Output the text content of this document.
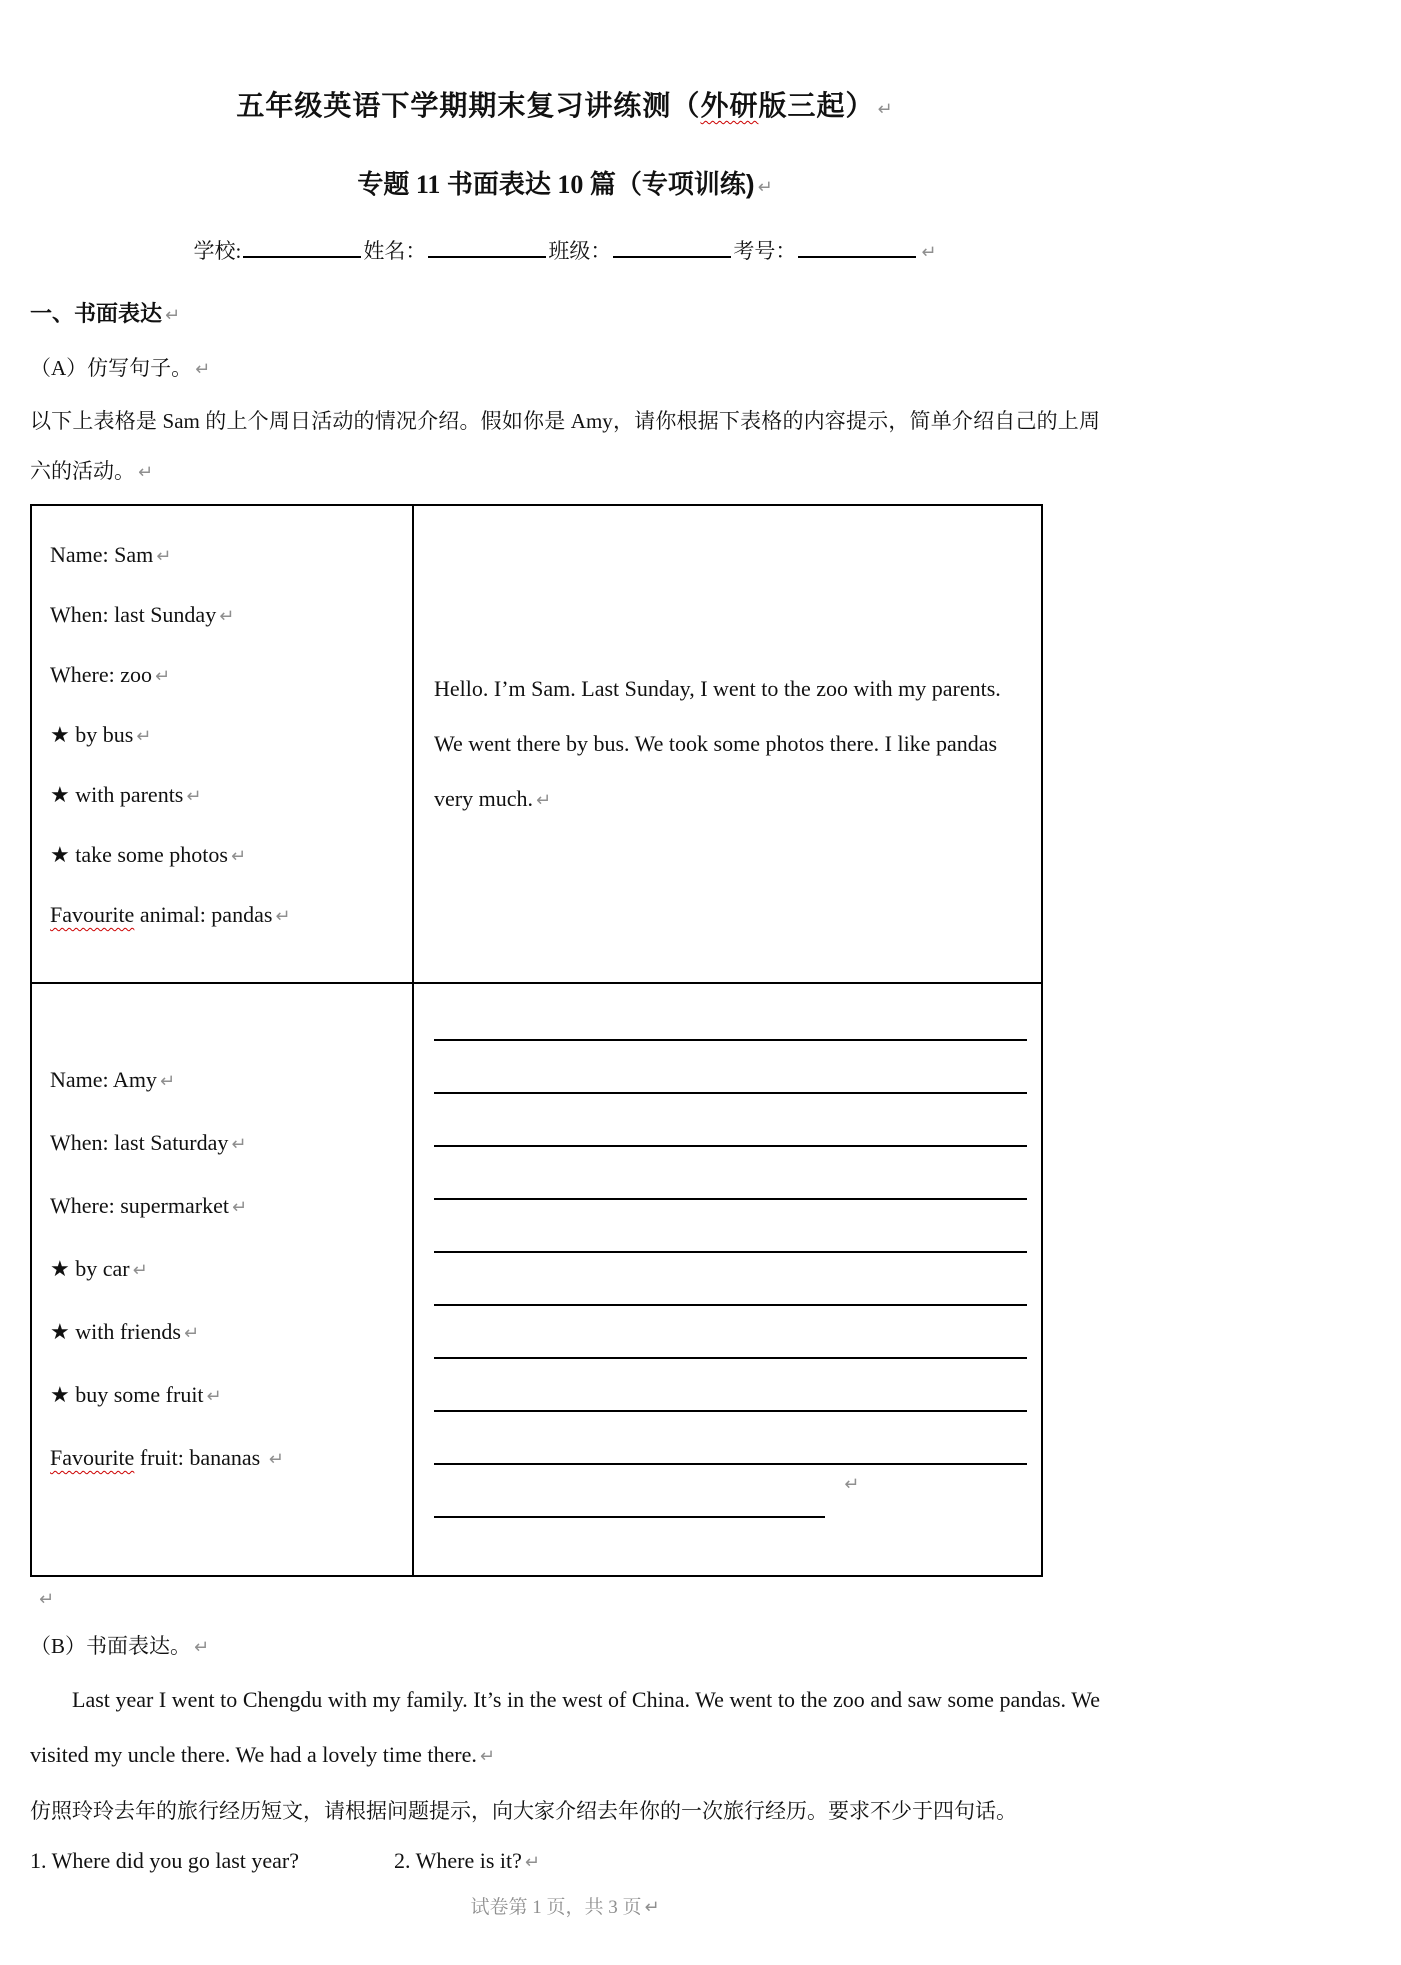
五年级英语下学期期末复习讲练测（外研版三起） ↵
专题 11 书面表达 10 篇（专项训练) ↵
学校:	姓名：	班级：	考号：	↵
一、书面表达 ↵
（A）仿写句子。 ↵
以下上表格是 Sam 的上个周日活动的情况介绍。假如你是 Amy，请你根据下表格的内容提示，简单介绍自己的上周六的活动。 ↵

Name: Sam ↵

When: last Sunday ↵

Where: zoo ↵

★ by bus ↵

★ with parents ↵

★ take some photos ↵

Favourite animal: pandas ↵

	Hello. I’m Sam. Last Sunday, I went to the zoo with my parents. We went there by bus. We took some photos there. I like pandas very much. ↵

Name: Amy ↵

When: last Saturday ↵

Where: supermarket ↵

★ by car ↵

★ with friends ↵

★ buy some fruit ↵

Favourite fruit: bananas ↵

↵
↵
（B）书面表达。 ↵
Last year I went to Chengdu with my family. It’s in the west of China. We went to the zoo and saw some pandas. We visited my uncle there. We had a lovely time there. ↵
仿照玲玲去年的旅行经历短文，请根据问题提示，向大家介绍去年你的一次旅行经历。要求不少于四句话。
1. Where did you go last year?	2. Where is it? ↵
试卷第 1 页，共 3 页 ↵
